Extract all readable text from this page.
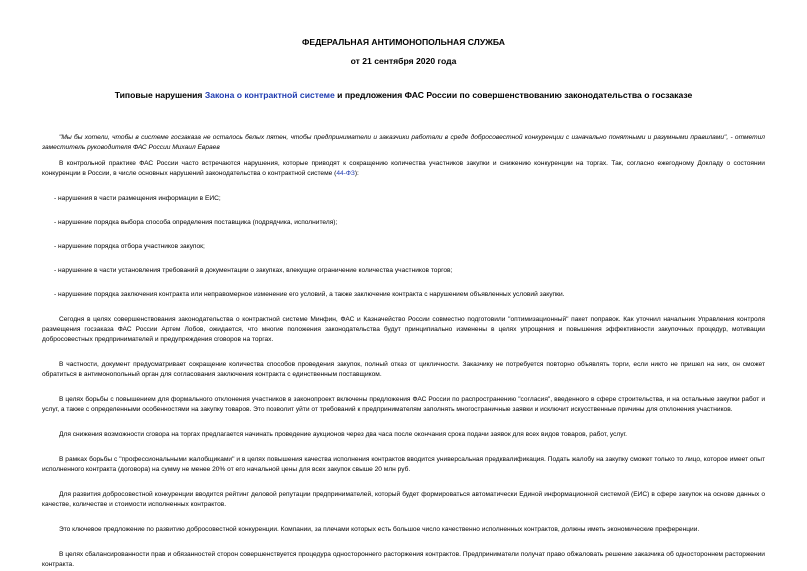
ФЕДЕРАЛЬНАЯ АНТИМОНОПОЛЬНАЯ СЛУЖБА
от 21 сентября 2020 года
Типовые нарушения Закона о контрактной системе и предложения ФАС России по совершенствованию законодательства о госзаказе

"Мы бы хотели, чтобы в системе госзаказа не осталось белых пятен, чтобы предприниматели и заказчики работали в среде добросовестной конкуренции с изначально понятными и разумными правилами", - отметил заместитель руководителя ФАС России Михаил Евраев

В контрольной практике ФАС России часто встречаются нарушения, которые приводят к сокращению количества участников закупки и снижению конкуренции на торгах. Так, согласно ежегодному Докладу о состоянии конкуренции в России, в числе основных нарушений законодательства о контрактной системе (44-ФЗ):

- нарушения в части размещения информации в ЕИС;

- нарушение порядка выбора способа определения поставщика (подрядчика, исполнителя);

- нарушение порядка отбора участников закупок;

- нарушение в части установления требований в документации о закупках, влекущие ограничение количества участников торгов;

- нарушение порядка заключения контракта или неправомерное изменение его условий, а также заключение контракта с нарушением объявленных условий закупки.

Сегодня в целях совершенствования законодательства о контрактной системе Минфин, ФАС и Казначейство России совместно подготовили "оптимизационный" пакет поправок. Как уточнил начальник Управления контроля размещения госзаказа ФАС России Артем Лобов, ожидается, что многие положения законодательства будут принципиально изменены в целях упрощения и повышения эффективности закупочных процедур, мотивации добросовестных предпринимателей и предупреждения сговоров на торгах.

В частности, документ предусматривает сокращение количества способов проведения закупок, полный отказ от цикличности. Заказчику не потребуется повторно объявлять торги, если никто не пришел на них, он сможет обратиться в антимонопольный орган для согласования заключения контракта с единственным поставщиком.

В целях борьбы с повышением для формального отклонения участников в законопроект включены предложения ФАС России по распространению "согласия", введенного в сфере строительства, и на остальные закупки работ и услуг, а также с определенными особенностями на закупку товаров. Это позволит уйти от требований к предпринимателям заполнять многостраничные заявки и исключит искусственные причины для отклонения участников.

Для снижения возможности сговора на торгах предлагается начинать проведение аукционов через два часа после окончания срока подачи заявок для всех видов товаров, работ, услуг.

В рамках борьбы с "профессиональными жалобщиками" и в целях повышения качества исполнения контрактов вводится универсальная предквалификация. Подать жалобу на закупку сможет только то лицо, которое имеет опыт исполненного контракта (договора) на сумму не менее 20% от его начальной цены для всех закупок свыше 20 млн руб.

Для развития добросовестной конкуренции вводится рейтинг деловой репутации предпринимателей, который будет формироваться автоматически Единой информационной системой (ЕИС) в сфере закупок на основе данных о качестве, количестве и стоимости исполненных контрактов.

Это ключевое предложение по развитию добросовестной конкуренции. Компании, за плечами которых есть большое число качественно исполненных контрактов, должны иметь экономические преференции.

В целях сбалансированности прав и обязанностей сторон совершенствуется процедура одностороннего расторжения контрактов. Предприниматели получат право обжаловать решение заказчика об одностороннем расторжении контракта.
